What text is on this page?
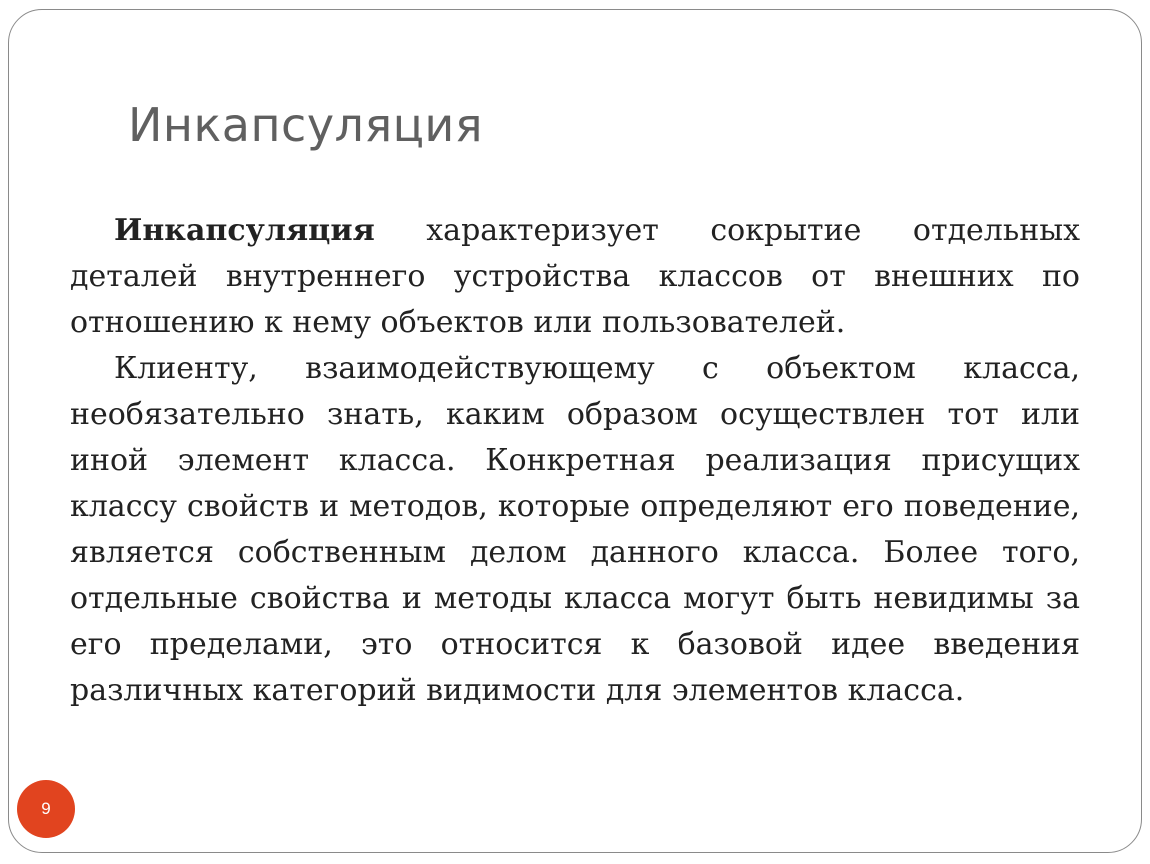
Инкапсуляция

Инкапсуляция характеризует сокрытие отдельных деталей внутреннего устройства классов от внешних по отношению к нему объектов или пользователей.

Клиенту, взаимодействующему с объектом класса, необязательно знать, каким образом осуществлен тот или иной элемент класса. Конкретная реализация присущих классу свойств и методов, которые определяют его поведение, является собственным делом данного класса. Более того, отдельные свойства и методы класса могут быть невидимы за его пределами, это относится к базовой идее введения различных категорий видимости для элементов класса.

9
